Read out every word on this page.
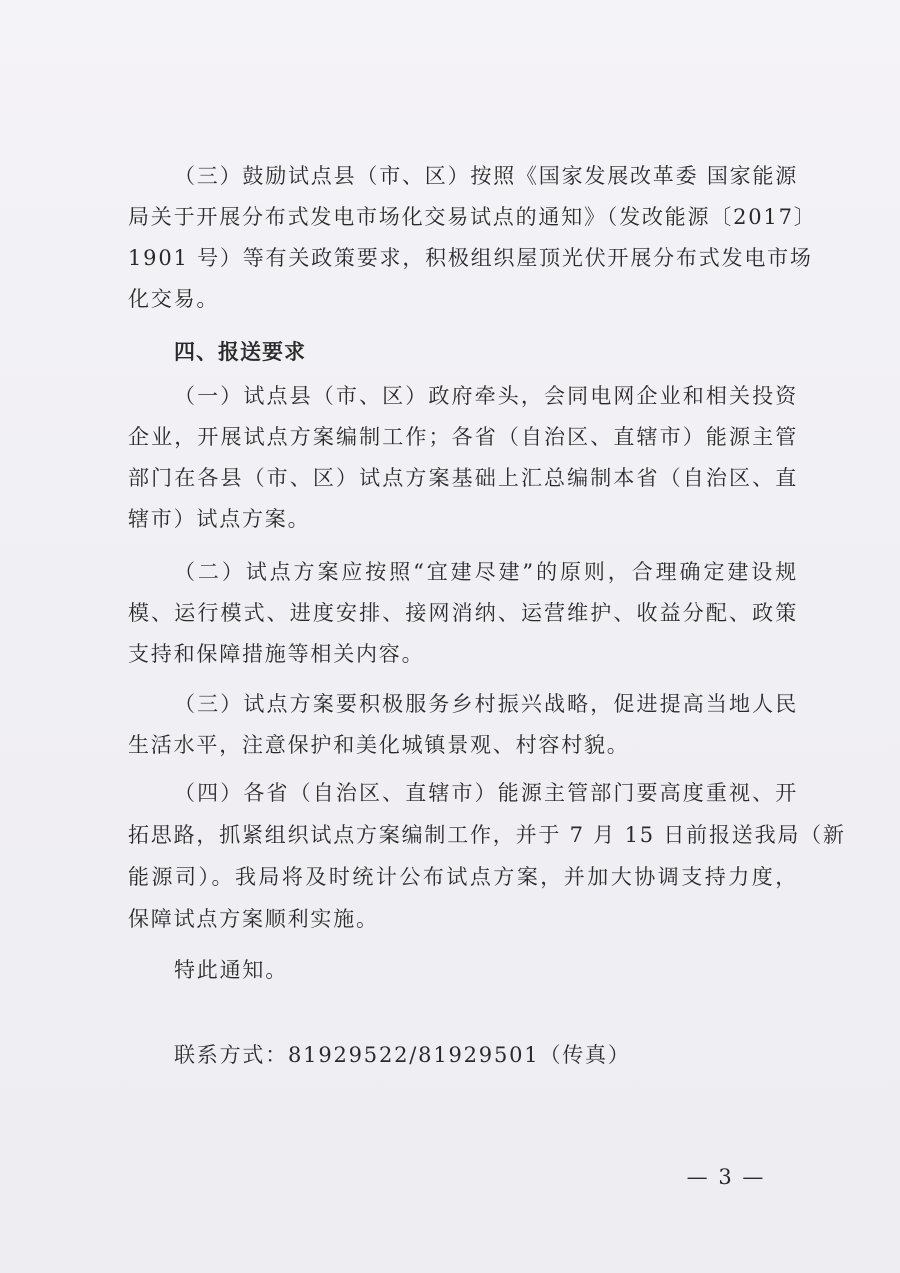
（三）鼓励试点县（市、区）按照《国家发展改革委 国家能源
局关于开展分布式发电市场化交易试点的通知》（发改能源〔2017〕
1901 号）等有关政策要求，积极组织屋顶光伏开展分布式发电市场
化交易。
四、报送要求
（一）试点县（市、区）政府牵头，会同电网企业和相关投资
企业，开展试点方案编制工作；各省（自治区、直辖市）能源主管
部门在各县（市、区）试点方案基础上汇总编制本省（自治区、直
辖市）试点方案。
（二）试点方案应按照“宜建尽建”的原则，合理确定建设规
模、运行模式、进度安排、接网消纳、运营维护、收益分配、政策
支持和保障措施等相关内容。
（三）试点方案要积极服务乡村振兴战略，促进提高当地人民
生活水平，注意保护和美化城镇景观、村容村貌。
（四）各省（自治区、直辖市）能源主管部门要高度重视、开
拓思路，抓紧组织试点方案编制工作，并于 7 月 15 日前报送我局（新
能源司）。我局将及时统计公布试点方案，并加大协调支持力度，
保障试点方案顺利实施。
特此通知。
联系方式：81929522/81929501（传真）
— 3 —
